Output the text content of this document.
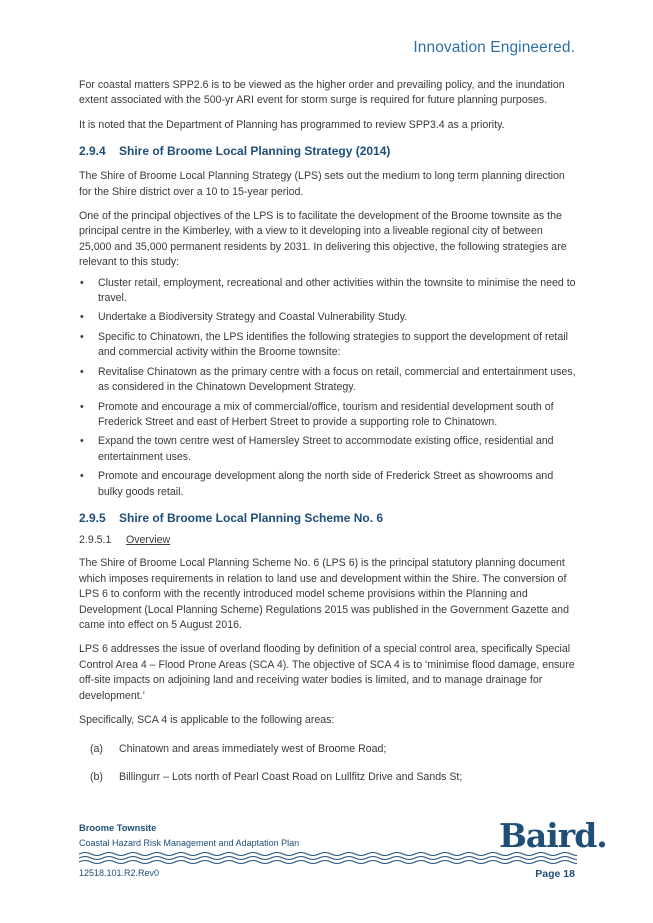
Innovation Engineered.

For coastal matters SPP2.6 is to be viewed as the higher order and prevailing policy, and the inundation extent associated with the 500-yr ARI event for storm surge is required for future planning purposes.

It is noted that the Department of Planning has programmed to review SPP3.4 as a priority.

2.9.4 Shire of Broome Local Planning Strategy (2014)

The Shire of Broome Local Planning Strategy (LPS) sets out the medium to long term planning direction for the Shire district over a 10 to 15-year period.

One of the principal objectives of the LPS is to facilitate the development of the Broome townsite as the principal centre in the Kimberley, with a view to it developing into a liveable regional city of between 25,000 and 35,000 permanent residents by 2031. In delivering this objective, the following strategies are relevant to this study:

• Cluster retail, employment, recreational and other activities within the townsite to minimise the need to travel.
• Undertake a Biodiversity Strategy and Coastal Vulnerability Study.
• Specific to Chinatown, the LPS identifies the following strategies to support the development of retail and commercial activity within the Broome townsite:
• Revitalise Chinatown as the primary centre with a focus on retail, commercial and entertainment uses, as considered in the Chinatown Development Strategy.
• Promote and encourage a mix of commercial/office, tourism and residential development south of Frederick Street and east of Herbert Street to provide a supporting role to Chinatown.
• Expand the town centre west of Hamersley Street to accommodate existing office, residential and entertainment uses.
• Promote and encourage development along the north side of Frederick Street as showrooms and bulky goods retail.
2.9.5 Shire of Broome Local Planning Scheme No. 6
2.9.5.1 Overview

The Shire of Broome Local Planning Scheme No. 6 (LPS 6) is the principal statutory planning document which imposes requirements in relation to land use and development within the Shire. The conversion of LPS 6 to conform with the recently introduced model scheme provisions within the Planning and Development (Local Planning Scheme) Regulations 2015 was published in the Government Gazette and came into effect on 5 August 2016.

LPS 6 addresses the issue of overland flooding by definition of a special control area, specifically Special Control Area 4 – Flood Prone Areas (SCA 4). The objective of SCA 4 is to ‘minimise flood damage, ensure off-site impacts on adjoining land and receiving water bodies is limited, and to manage drainage for development.’

Specifically, SCA 4 is applicable to the following areas:

(a) Chinatown and areas immediately west of Broome Road;
(b) Billingurr – Lots north of Pearl Coast Road on Lullfitz Drive and Sands St;
Broome Townsite
Coastal Hazard Risk Management and Adaptation Plan	Baird.
12518.101.R2.Rev0	Page 18
